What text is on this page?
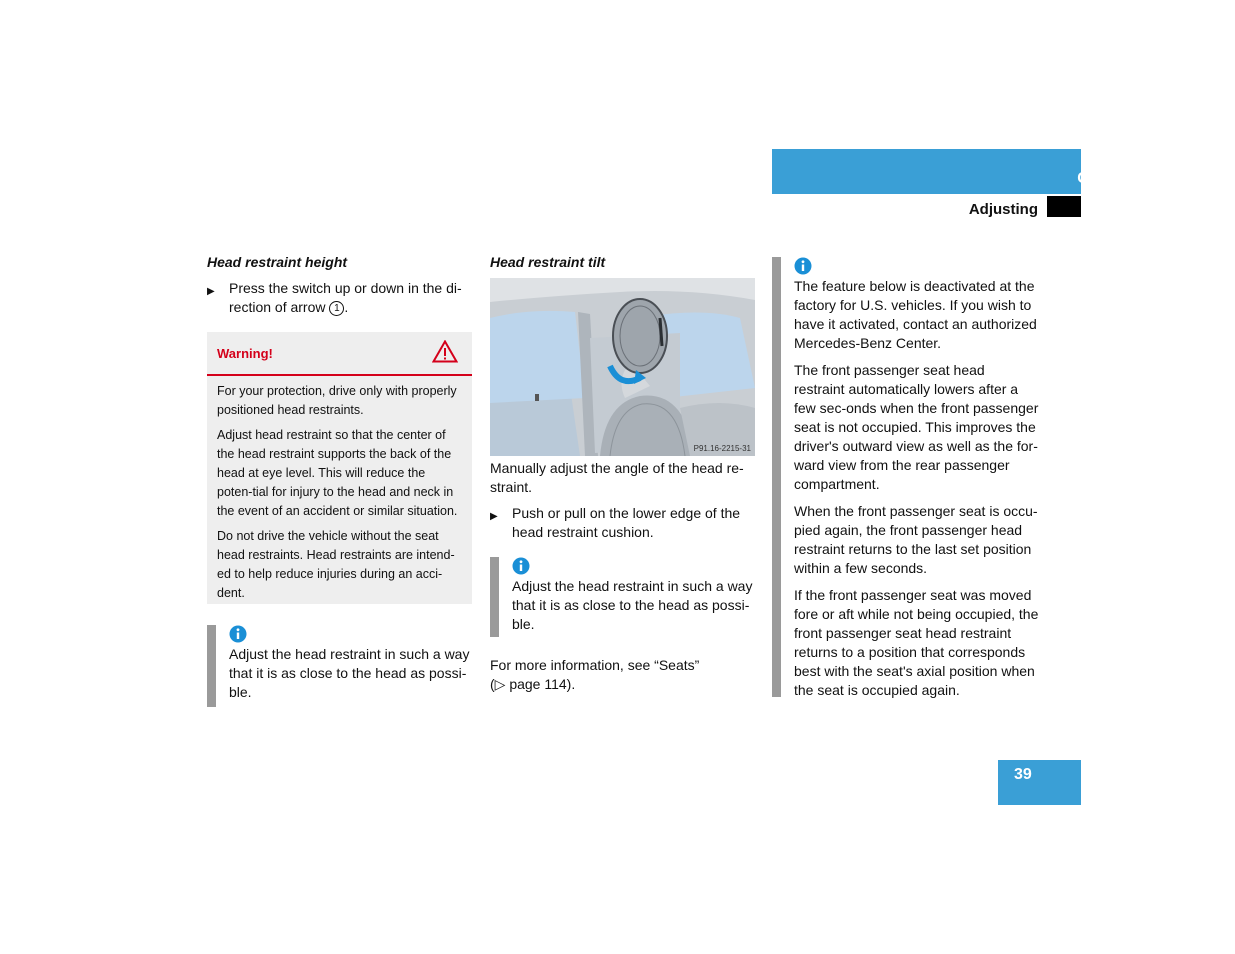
Getting started
Adjusting
Head restraint height
▶	Press the switch up or down in the di-rection of arrow 1 .
Warning!

For your protection, drive only with properly positioned head restraints.

Adjust head restraint so that the center of the head restraint supports the back of the head at eye level. This will reduce the poten-tial for injury to the head and neck in the event of an accident or similar situation.

Do not drive the vehicle without the seat head restraints. Head restraints are intend-ed to help reduce injuries during an acci-dent.

Adjust the head restraint in such a way that it is as close to the head as possi-ble.

Head restraint tilt
P91.16-2215-31
Manually adjust the angle of the head re-straint.
▶	Push or pull on the lower edge of the head restraint cushion.

Adjust the head restraint in such a way that it is as close to the head as possi-ble.

For more information, see “Seats”
(▷ page 114).

The feature below is deactivated at the factory for U.S. vehicles. If you wish to have it activated, contact an authorized Mercedes-Benz Center.

The front passenger seat head restraint automatically lowers after a few sec-onds when the front passenger seat is not occupied. This improves the driver's outward view as well as the for-ward view from the rear passenger compartment.

When the front passenger seat is occu-pied again, the front passenger head restraint returns to the last set position within a few seconds.

If the front passenger seat was moved fore or aft while not being occupied, the front passenger seat head restraint returns to a position that corresponds best with the seat's axial position when the seat is occupied again.

39
